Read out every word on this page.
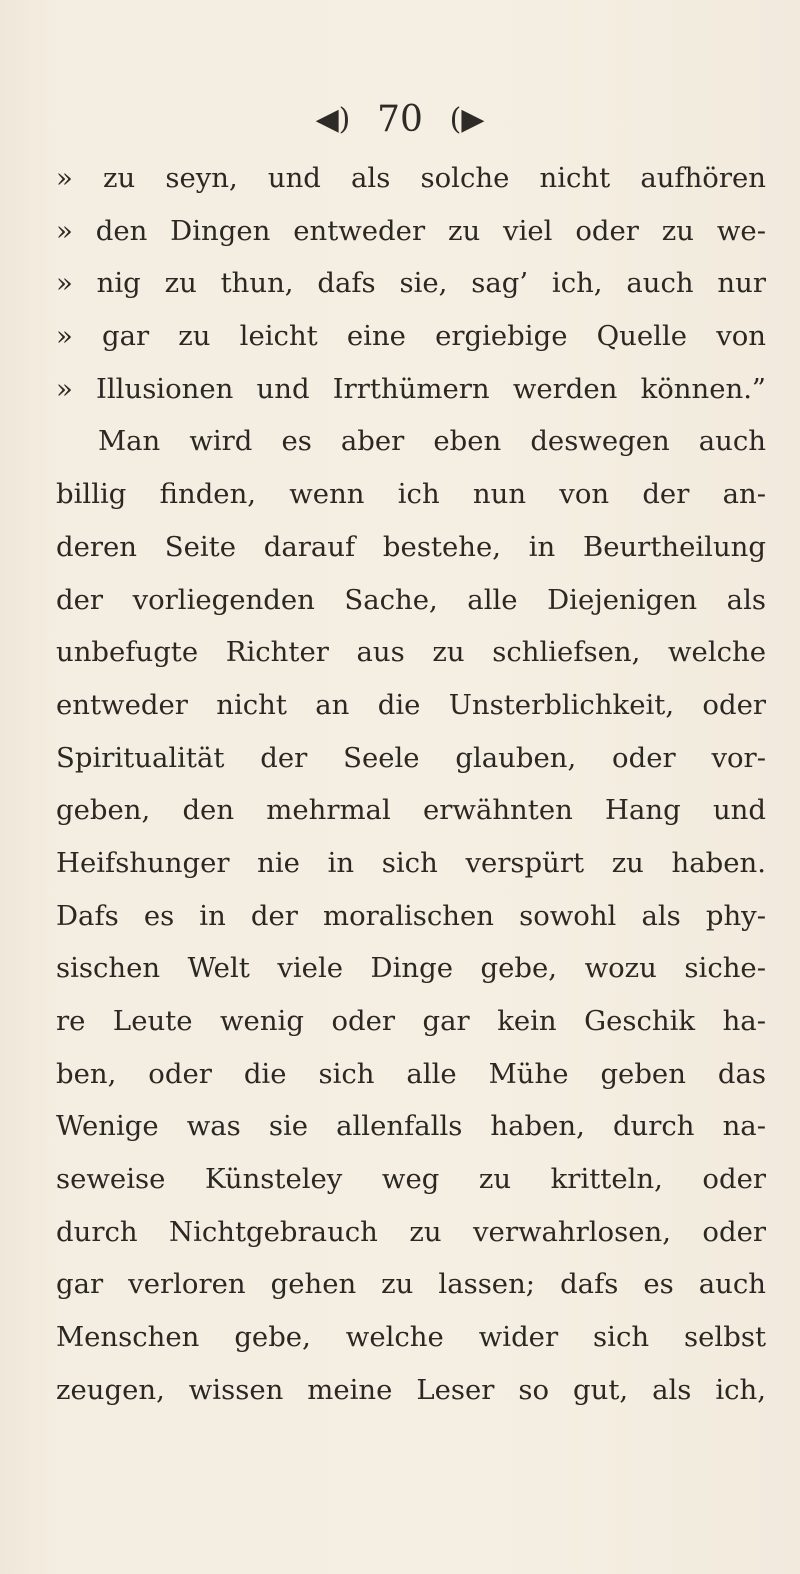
◀) 70 (▶
» zu seyn, und als solche nicht aufhören
» den Dingen entweder zu viel oder zu we-
» nig zu thun, dafs sie, sag’ ich, auch nur
» gar zu leicht eine ergiebige Quelle von
» Illusionen und Irrthümern werden können.”
Man wird es aber eben deswegen auch
billig finden, wenn ich nun von der an-
deren Seite darauf bestehe, in Beurtheilung
der vorliegenden Sache, alle Diejenigen als
unbefugte Richter aus zu schliefsen, welche
entweder nicht an die Unsterblichkeit, oder
Spiritualität der Seele glauben, oder vor-
geben, den mehrmal erwähnten Hang und
Heifshunger nie in sich verspürt zu haben.
Dafs es in der moralischen sowohl als phy-
sischen Welt viele Dinge gebe, wozu siche-
re Leute wenig oder gar kein Geschik ha-
ben, oder die sich alle Mühe geben das
Wenige was sie allenfalls haben, durch na-
seweise Künsteley weg zu kritteln, oder
durch Nichtgebrauch zu verwahrlosen, oder
gar verloren gehen zu lassen; dafs es auch
Menschen gebe, welche wider sich selbst
zeugen, wissen meine Leser so gut, als ich,
